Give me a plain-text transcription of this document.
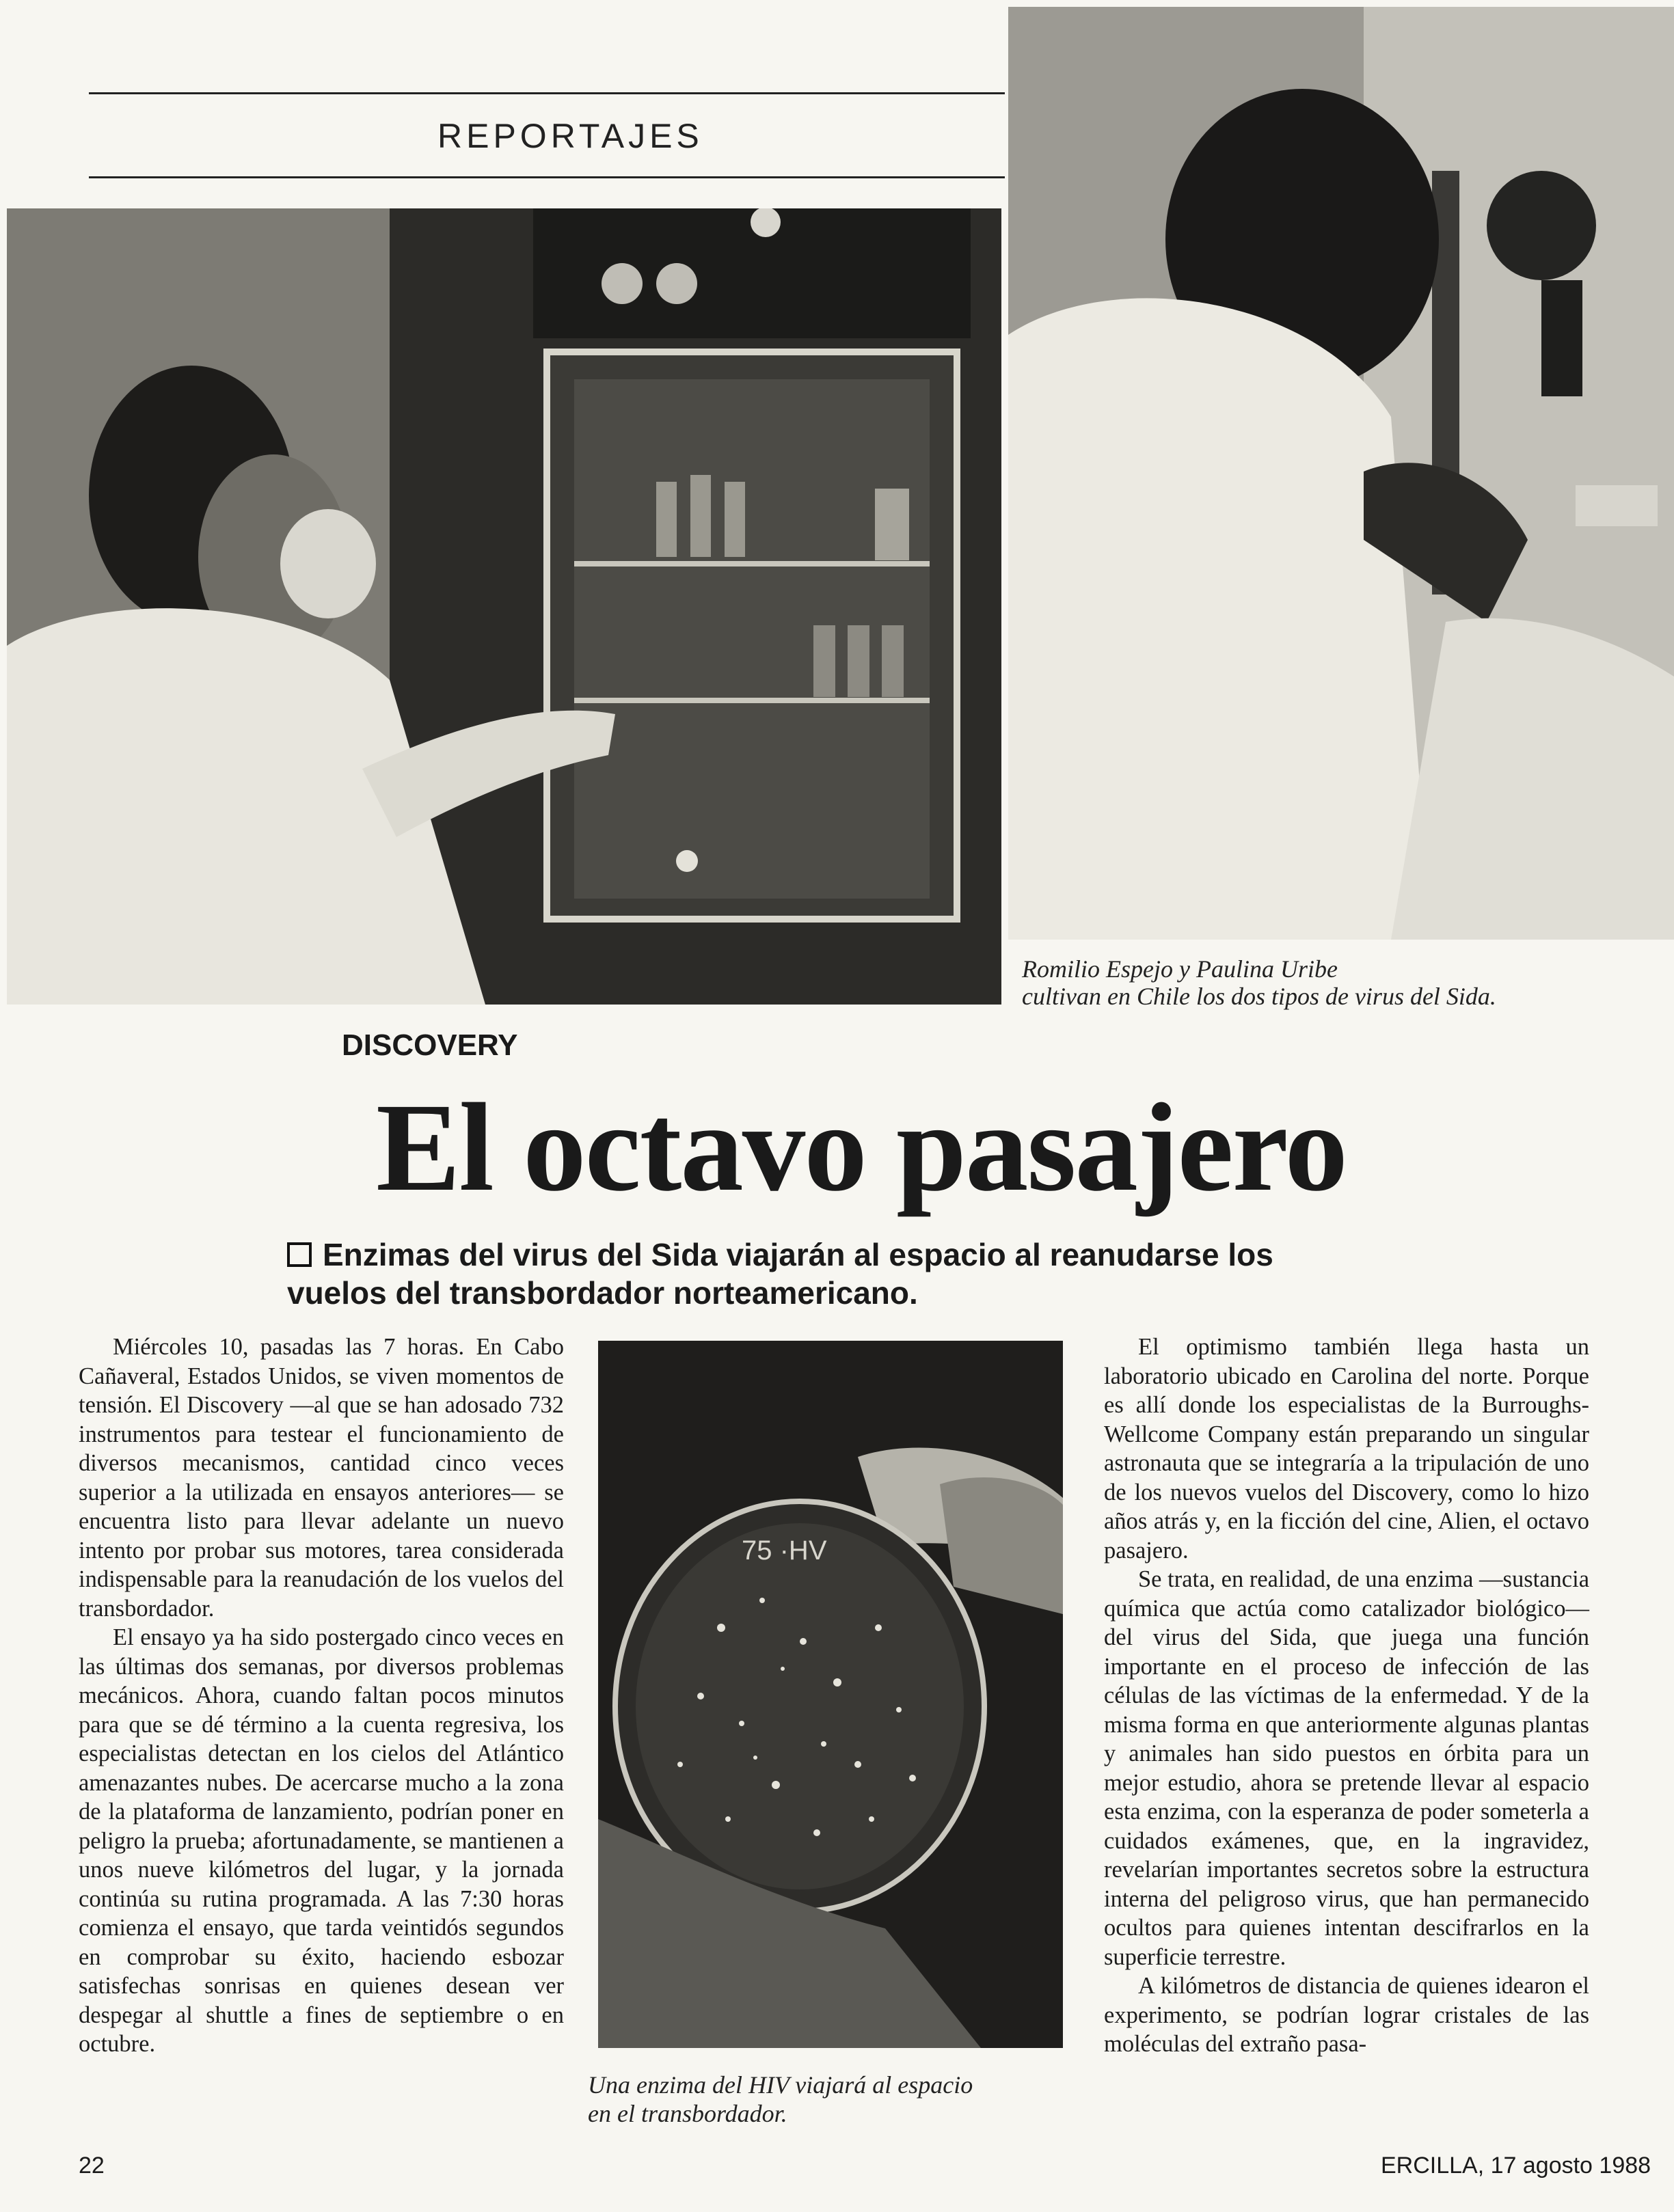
REPORTAJES
Romilio Espejo y Paulina Uribe
cultivan en Chile los dos tipos de virus del Sida.
DISCOVERY
El octavo pasajero
Enzimas del virus del Sida viajarán al espacio al reanudarse los
vuelos del transbordador norteamericano.

Miércoles 10, pasadas las 7 horas. En Cabo Cañaveral, Estados Unidos, se viven momentos de tensión. El Discovery —al que se han adosado 732 instrumentos para testear el funcionamiento de diversos mecanismos, cantidad cinco veces superior a la utilizada en ensayos anteriores— se encuentra listo para llevar adelante un nuevo intento por probar sus motores, tarea considerada indispensable para la reanudación de los vuelos del transbordador.

El ensayo ya ha sido postergado cinco veces en las últimas dos semanas, por diversos problemas mecánicos. Ahora, cuando faltan pocos minutos para que se dé término a la cuenta regresiva, los especialistas detectan en los cielos del Atlántico amenazantes nubes. De acercarse mucho a la zona de la plataforma de lanzamiento, podrían poner en peligro la prueba; afortunadamente, se mantienen a unos nueve kilómetros del lugar, y la jornada continúa su rutina programada. A las 7:30 horas comienza el ensayo, que tarda veintidós segundos en comprobar su éxito, haciendo esbozar satisfechas sonrisas en quienes desean ver despegar al shuttle a fines de septiembre o en octubre.

75 ·HV
Una enzima del HIV viajará al espacio
en el transbordador.

El optimismo también llega hasta un laboratorio ubicado en Carolina del norte. Porque es allí donde los especialistas de la Burroughs-Wellcome Company están preparando un singular astronauta que se integraría a la tripulación de uno de los nuevos vuelos del Discovery, como lo hizo años atrás y, en la ficción del cine, Alien, el octavo pasajero.

Se trata, en realidad, de una enzima —sustancia química que actúa como catalizador biológico— del virus del Sida, que juega una función importante en el proceso de infección de las células de las víctimas de la enfermedad. Y de la misma forma en que anteriormente algunas plantas y animales han sido puestos en órbita para un mejor estudio, ahora se pretende llevar al espacio esta enzima, con la esperanza de poder someterla a cuidados exámenes, que, en la ingravidez, revelarían importantes secretos sobre la estructura interna del peligroso virus, que han permanecido ocultos para quienes intentan descifrarlos en la superficie terrestre.

A kilómetros de distancia de quienes idearon el experimento, se podrían lograr cristales de las moléculas del extraño pasa-

22	ERCILLA, 17 agosto 1988
